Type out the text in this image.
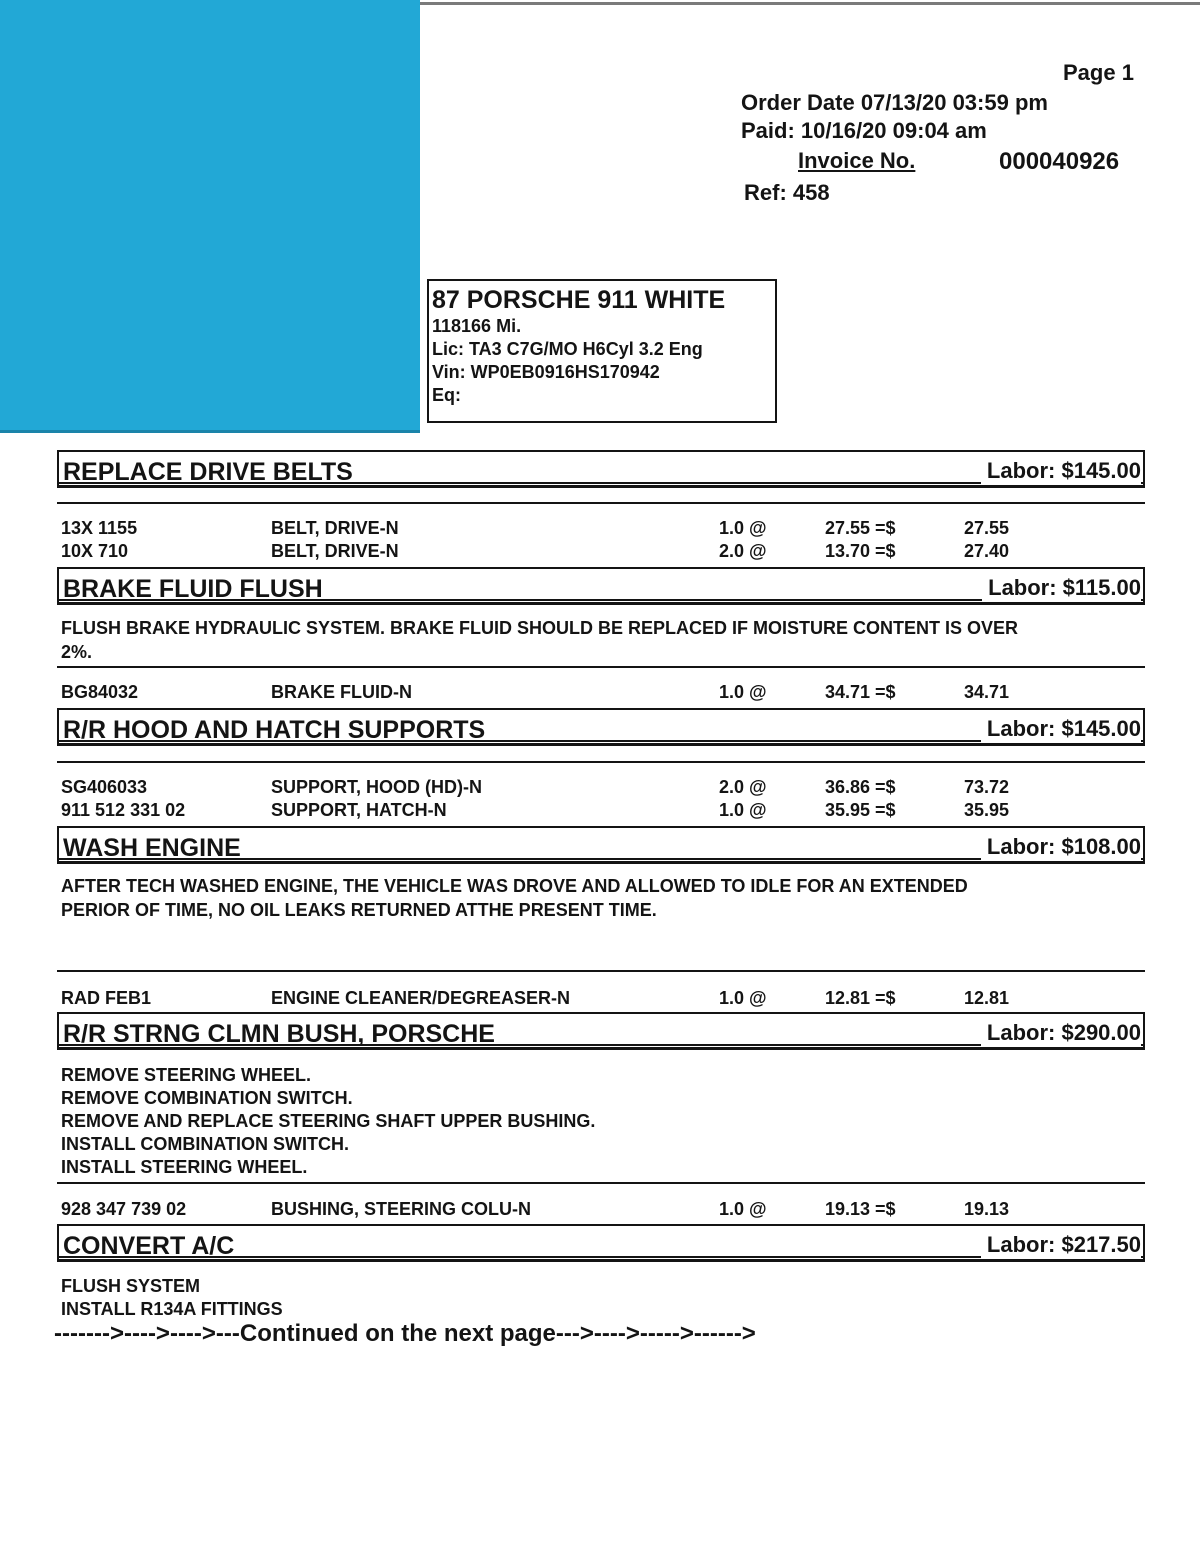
Page 1
Order Date 07/13/20 03:59 pm
Paid: 10/16/20 09:04 am
Invoice No.	000040926
Ref: 458
87 PORSCHE 911 WHITE
118166 Mi.
Lic: TA3 C7G/MO H6Cyl 3.2 Eng
Vin: WP0EB0916HS170942
Eq:
REPLACE DRIVE BELTS	Labor: $145.00
13X 1155	BELT, DRIVE-N	1.0 @	27.55 =$	27.55
10X 710	BELT, DRIVE-N	2.0 @	13.70 =$	27.40
BRAKE FLUID FLUSH	Labor: $115.00
FLUSH BRAKE HYDRAULIC SYSTEM. BRAKE FLUID SHOULD BE REPLACED IF MOISTURE CONTENT IS OVER
2%.
BG84032	BRAKE FLUID-N	1.0 @	34.71 =$	34.71
R/R HOOD AND HATCH SUPPORTS	Labor: $145.00
SG406033	SUPPORT, HOOD (HD)-N	2.0 @	36.86 =$	73.72
911 512 331 02	SUPPORT, HATCH-N	1.0 @	35.95 =$	35.95
WASH ENGINE	Labor: $108.00
AFTER TECH WASHED ENGINE, THE VEHICLE WAS DROVE AND ALLOWED TO IDLE FOR AN EXTENDED
PERIOR OF TIME, NO OIL LEAKS RETURNED ATTHE PRESENT TIME.
RAD FEB1	ENGINE CLEANER/DEGREASER-N	1.0 @	12.81 =$	12.81
R/R STRNG CLMN BUSH, PORSCHE	Labor: $290.00
REMOVE STEERING WHEEL.
REMOVE COMBINATION SWITCH.
REMOVE AND REPLACE STEERING SHAFT UPPER BUSHING.
INSTALL COMBINATION SWITCH.
INSTALL STEERING WHEEL.
928 347 739 02	BUSHING, STEERING COLU-N	1.0 @	19.13 =$	19.13
CONVERT A/C	Labor: $217.50
FLUSH SYSTEM
INSTALL R134A FITTINGS
------->---->---->---Continued on the next page--->---->----->------>
